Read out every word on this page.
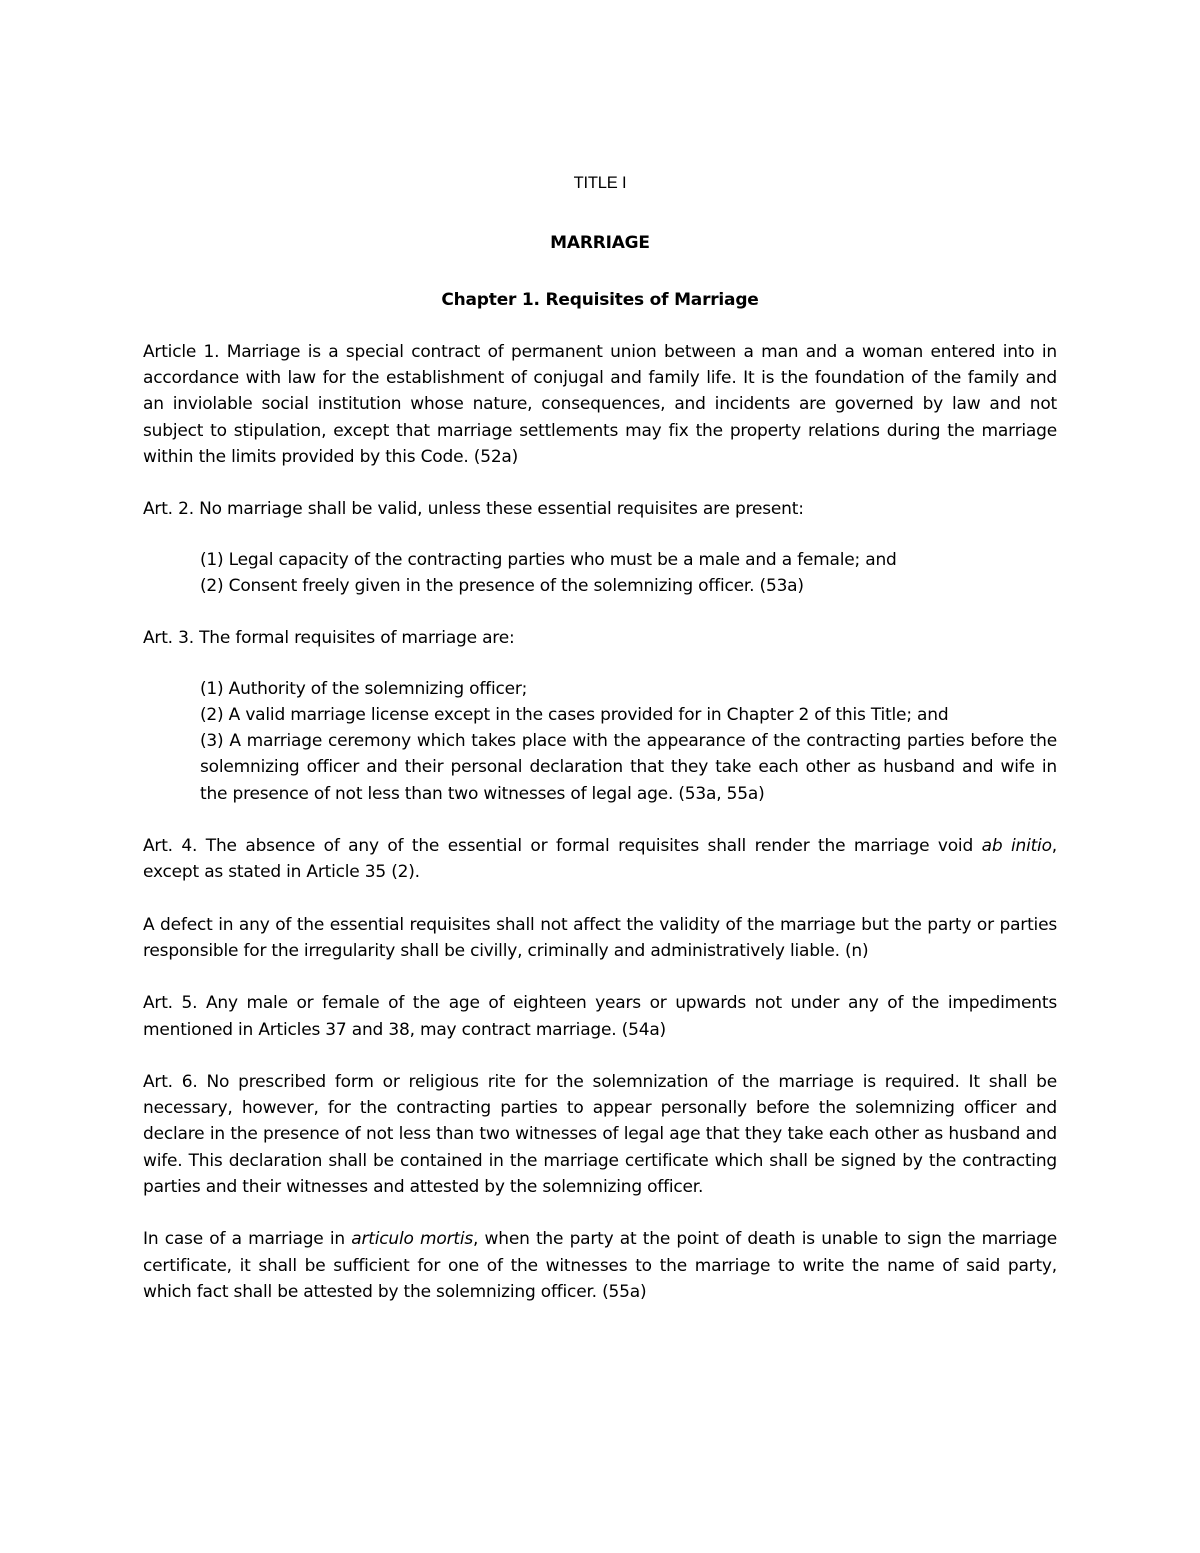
TITLE I
MARRIAGE
Chapter 1. Requisites of Marriage

Article 1. Marriage is a special contract of permanent union between a man and a woman entered into in accordance with law for the establishment of conjugal and family life. It is the foundation of the family and an inviolable social institution whose nature, consequences, and incidents are governed by law and not subject to stipulation, except that marriage settlements may fix the property relations during the marriage within the limits provided by this Code. (52a)

Art. 2. No marriage shall be valid, unless these essential requisites are present:

(1) Legal capacity of the contracting parties who must be a male and a female; and
(2) Consent freely given in the presence of the solemnizing officer. (53a)

Art. 3. The formal requisites of marriage are:

(1) Authority of the solemnizing officer;
(2) A valid marriage license except in the cases provided for in Chapter 2 of this Title; and
(3) A marriage ceremony which takes place with the appearance of the contracting parties before the solemnizing officer and their personal declaration that they take each other as husband and wife in the presence of not less than two witnesses of legal age. (53a, 55a)

Art. 4. The absence of any of the essential or formal requisites shall render the marriage void ab initio, except as stated in Article 35 (2).

A defect in any of the essential requisites shall not affect the validity of the marriage but the party or parties responsible for the irregularity shall be civilly, criminally and administratively liable. (n)

Art. 5. Any male or female of the age of eighteen years or upwards not under any of the impediments mentioned in Articles 37 and 38, may contract marriage. (54a)

Art. 6. No prescribed form or religious rite for the solemnization of the marriage is required. It shall be necessary, however, for the contracting parties to appear personally before the solemnizing officer and declare in the presence of not less than two witnesses of legal age that they take each other as husband and wife. This declaration shall be contained in the marriage certificate which shall be signed by the contracting parties and their witnesses and attested by the solemnizing officer.

In case of a marriage in articulo mortis, when the party at the point of death is unable to sign the marriage certificate, it shall be sufficient for one of the witnesses to the marriage to write the name of said party, which fact shall be attested by the solemnizing officer. (55a)
